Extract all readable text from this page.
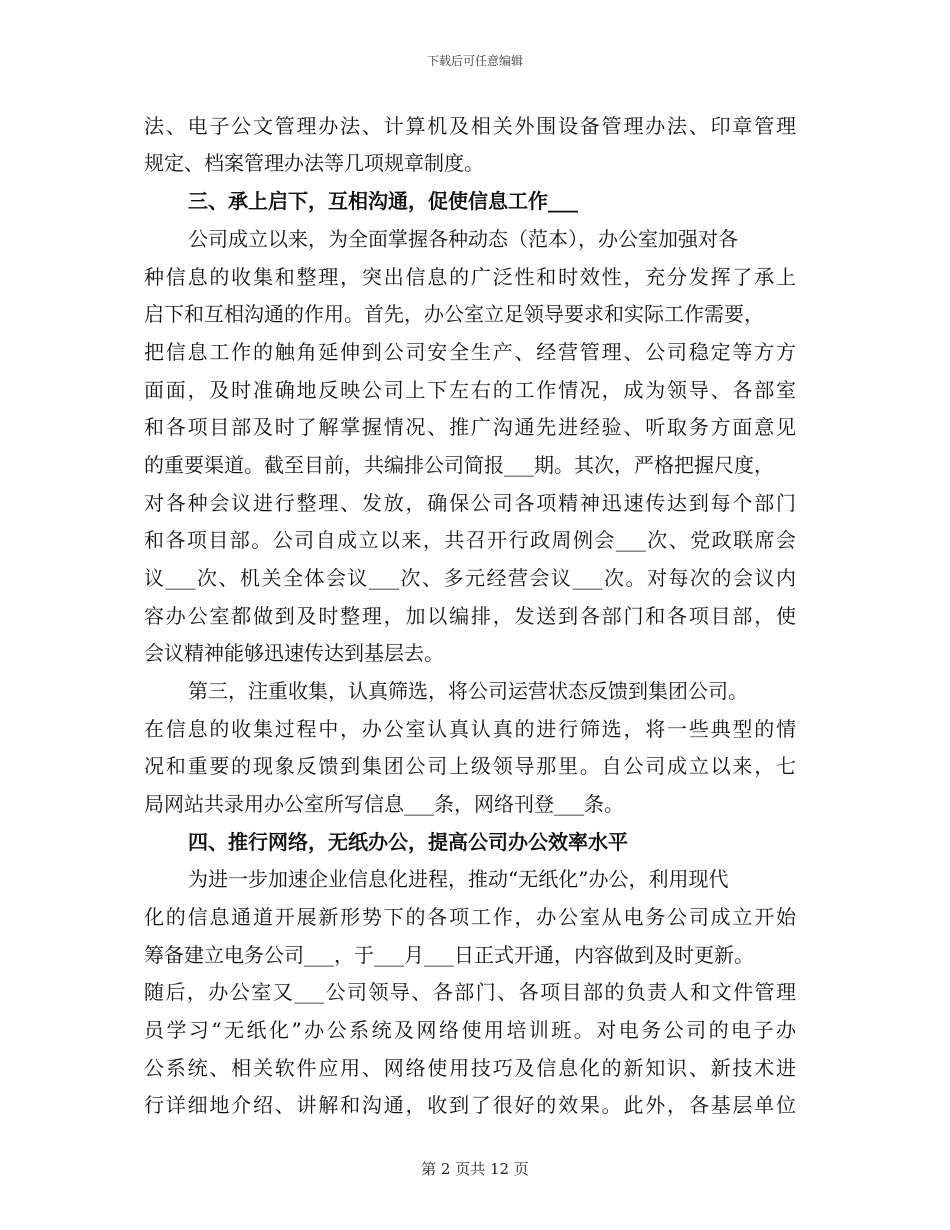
下载后可任意编辑
法、电子公文管理办法、计算机及相关外围设备管理办法、印章管理
规定、档案管理办法等几项规章制度。
三、承上启下，互相沟通，促使信息工作___
公司成立以来，为全面掌握各种动态（范本），办公室加强对各
种信息的收集和整理，突出信息的广泛性和时效性，充分发挥了承上
启下和互相沟通的作用。首先，办公室立足领导要求和实际工作需要，
把信息工作的触角延伸到公司安全生产、经营管理、公司稳定等方方
面面，及时准确地反映公司上下左右的工作情况，成为领导、各部室
和各项目部及时了解掌握情况、推广沟通先进经验、听取务方面意见
的重要渠道。截至目前，共编排公司简报___期。其次，严格把握尺度，
对各种会议进行整理、发放，确保公司各项精神迅速传达到每个部门
和各项目部。公司自成立以来，共召开行政周例会___次、党政联席会
议___次、机关全体会议___次、多元经营会议___次。对每次的会议内
容办公室都做到及时整理，加以编排，发送到各部门和各项目部，使
会议精神能够迅速传达到基层去。
第三，注重收集，认真筛选，将公司运营状态反馈到集团公司。
在信息的收集过程中，办公室认真认真的进行筛选，将一些典型的情
况和重要的现象反馈到集团公司上级领导那里。自公司成立以来，七
局网站共录用办公室所写信息___条，网络刊登___条。
四、推行网络，无纸办公，提高公司办公效率水平
为进一步加速企业信息化进程，推动“无纸化”办公，利用现代
化的信息通道开展新形势下的各项工作，办公室从电务公司成立开始
筹备建立电务公司___，于___月___日正式开通，内容做到及时更新。
随后，办公室又___公司领导、各部门、各项目部的负责人和文件管理
员学习“无纸化”办公系统及网络使用培训班。对电务公司的电子办
公系统、相关软件应用、网络使用技巧及信息化的新知识、新技术进
行详细地介绍、讲解和沟通，收到了很好的效果。此外，各基层单位
第 2 页共 12 页
